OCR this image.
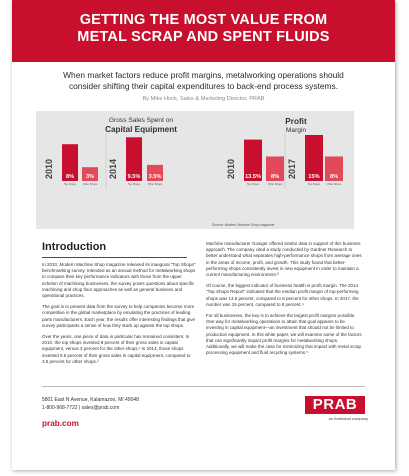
GETTING THE MOST VALUE FROM
METAL SCRAP AND SPENT FLUIDS
When market factors reduce profit margins, metalworking operations should
consider shifting their capital expenditures to back-end process systems.
By Mike Hock, Sales & Marketing Director, PRAB
2010	2014
8%
Top Shops
3%
Other Shops
9.5%
Top Shops
3.5%
Other Shops
2010	2017
13.5%
Top Shops
8%
Other Shops
15%
Top Shops
8%
Other Shops
Gross Sales Spent on
Capital Equipment
Profit
Margin
Source: Modern Machine Shop magazine
Introduction

In 2010, Modern Machine Shop magazine released its inaugural "Top Shops" benchmarking survey. Intended as an annual method for metalworking shops to compare their key performance indicators with those from the upper echelon of machining businesses, the survey poses questions about specific machining and shop floor approaches as well as general business and operational practices.

The goal is to present data from the survey to help companies become more competitive in the global marketplace by emulating the practices of leading parts manufacturers. Each year, the results offer interesting findings that give survey participants a sense of how they stack up against the top shops.

Over the years, one piece of data in particular has remained consistent. In 2010, the top shops invested 8 percent of their gross sales in capital equipment, versus 3 percent for the other shops.¹ In 2014, those shops invested 9.5 percent of their gross sales in capital equipment, compared to 3.5 percent for other shops.²

Machine manufacturer Gosiger offered similar data in support of this business approach. The company cited a study conducted by Gardner Research to better understand what separates high-performance shops from average ones in the areas of income, profit, and growth. This study found that better-performing shops consistently invest in new equipment in order to maintain a current manufacturing environment.³

Of course, the biggest indicator of business health is profit margin. The 2014 "Top Shops Report" indicated that the median profit margin of top-performing shops was 13.5 percent, compared to 8 percent for other shops. In 2017, the number was 15 percent, compared to 8 percent.⁴

For all businesses, the key is to achieve the largest profit margins possible. One way for metalworking operations to attain that goal appears to be investing in capital equipment—an investment that should not be limited to production equipment. In this white paper, we will examine some of the factors that can significantly impact profit margins for metalworking shops. Additionally, we will make the case for minimizing that impact with metal scrap processing equipment and fluid recycling systems.⁵

5801 East N Avenue, Kalamazoo, MI 49048
1-800-968-7722 | sales@prab.com
prab.com
PRAB
an Amhlobal company
